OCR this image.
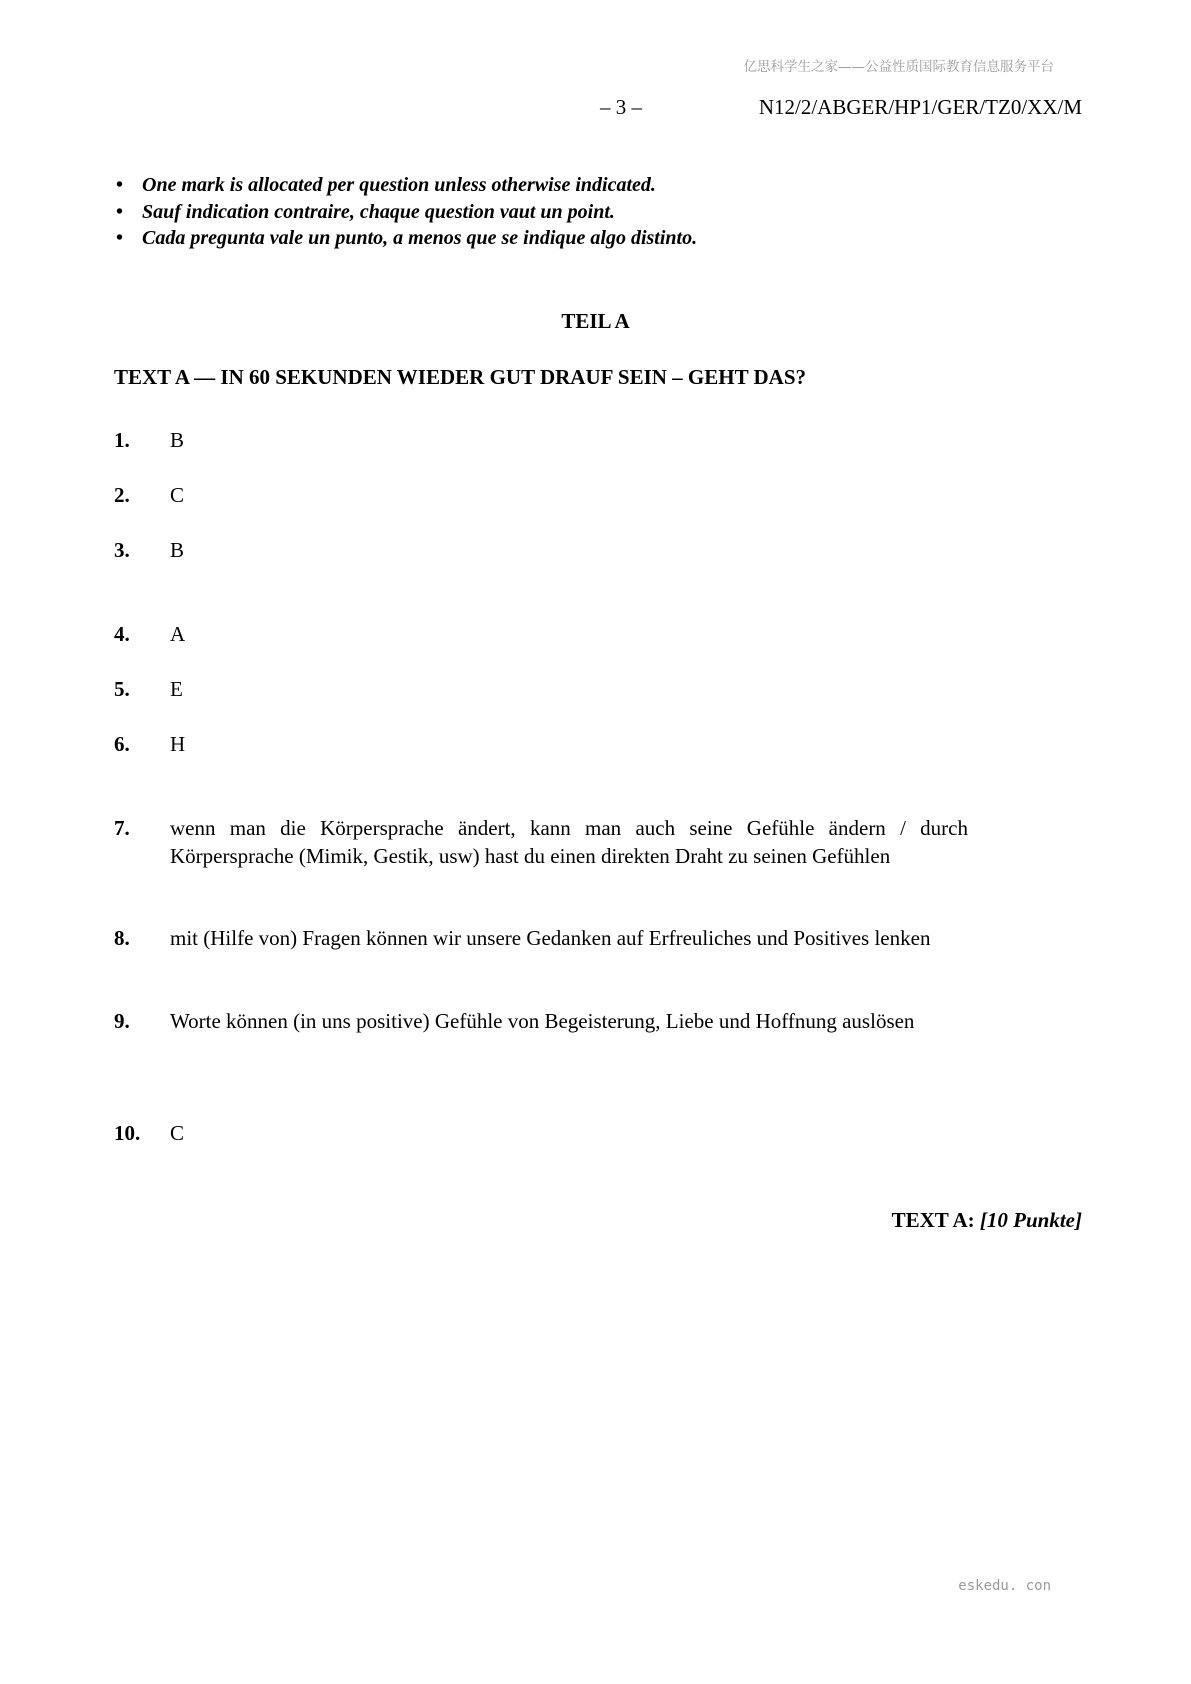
亿思科学生之家——公益性质国际教育信息服务平台
– 3 –	N12/2/ABGER/HP1/GER/TZ0/XX/M
• One mark is allocated per question unless otherwise indicated.
• Sauf indication contraire, chaque question vaut un point.
• Cada pregunta vale un punto, a menos que se indique algo distinto.
TEIL A
TEXT A — IN 60 SEKUNDEN WIEDER GUT DRAUF SEIN – GEHT DAS?
1. B
2. C
3. B
4. A
5. E
6. H
7. wenn man die Körpersprache ändert, kann man auch seine Gefühle ändern / durch Körpersprache (Mimik, Gestik, usw) hast du einen direkten Draht zu seinen Gefühlen
8. mit (Hilfe von) Fragen können wir unsere Gedanken auf Erfreuliches und Positives lenken
9. Worte können (in uns positive) Gefühle von Begeisterung, Liebe und Hoffnung auslösen
10. C
TEXT A: [10 Punkte]
eskedu. con
